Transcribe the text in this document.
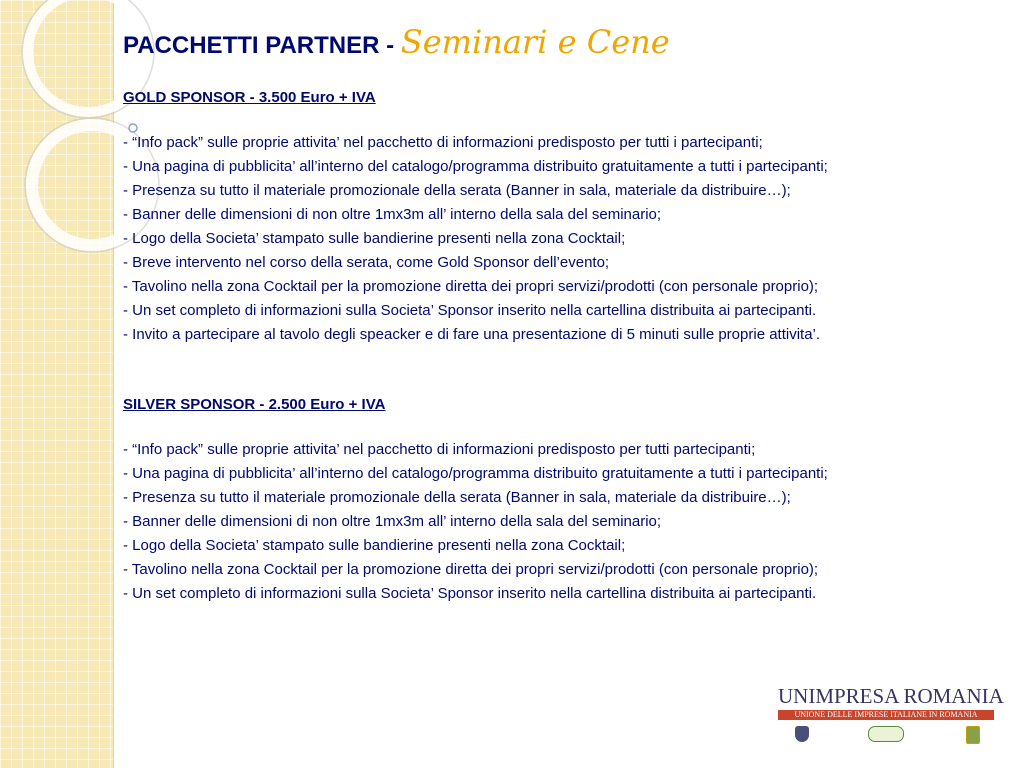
PACCHETTI PARTNER - Seminari e Cene
GOLD SPONSOR - 3.500 Euro + IVA
- “Info pack” sulle proprie attivita’ nel pacchetto di informazioni predisposto per tutti i partecipanti;
- Una pagina di pubblicita’ all’interno del catalogo/programma distribuito gratuitamente a tutti i partecipanti;
- Presenza su tutto il materiale promozionale della serata (Banner in sala, materiale da distribuire…);
- Banner delle dimensioni di non oltre 1mx3m all’ interno della sala del seminario;
- Logo della Societa’ stampato sulle bandierine presenti nella zona Cocktail;
- Breve intervento nel corso della serata, come Gold Sponsor dell’evento;
- Tavolino nella zona Cocktail per la promozione diretta dei propri servizi/prodotti (con personale proprio);
- Un set completo di informazioni sulla Societa’ Sponsor inserito nella cartellina distribuita ai partecipanti.
- Invito a partecipare al tavolo degli speacker e di fare una presentazione di 5 minuti sulle proprie attivita’.
SILVER SPONSOR - 2.500 Euro + IVA
- “Info pack” sulle proprie attivita’ nel pacchetto di informazioni predisposto per tutti partecipanti;
- Una pagina di pubblicita’ all’interno del catalogo/programma distribuito gratuitamente a tutti i partecipanti;
- Presenza su tutto il materiale promozionale della serata (Banner in sala, materiale da distribuire…);
- Banner delle dimensioni di non oltre 1mx3m all’ interno della sala del seminario;
- Logo della Societa’ stampato sulle bandierine presenti nella zona Cocktail;
- Tavolino nella zona Cocktail per la promozione diretta dei propri servizi/prodotti (con personale proprio);
- Un set completo di informazioni sulla Societa’ Sponsor inserito nella cartellina distribuita ai partecipanti.
UNIMPRESA ROMANIA
UNIONE DELLE IMPRESE ITALIANE IN ROMANIA
